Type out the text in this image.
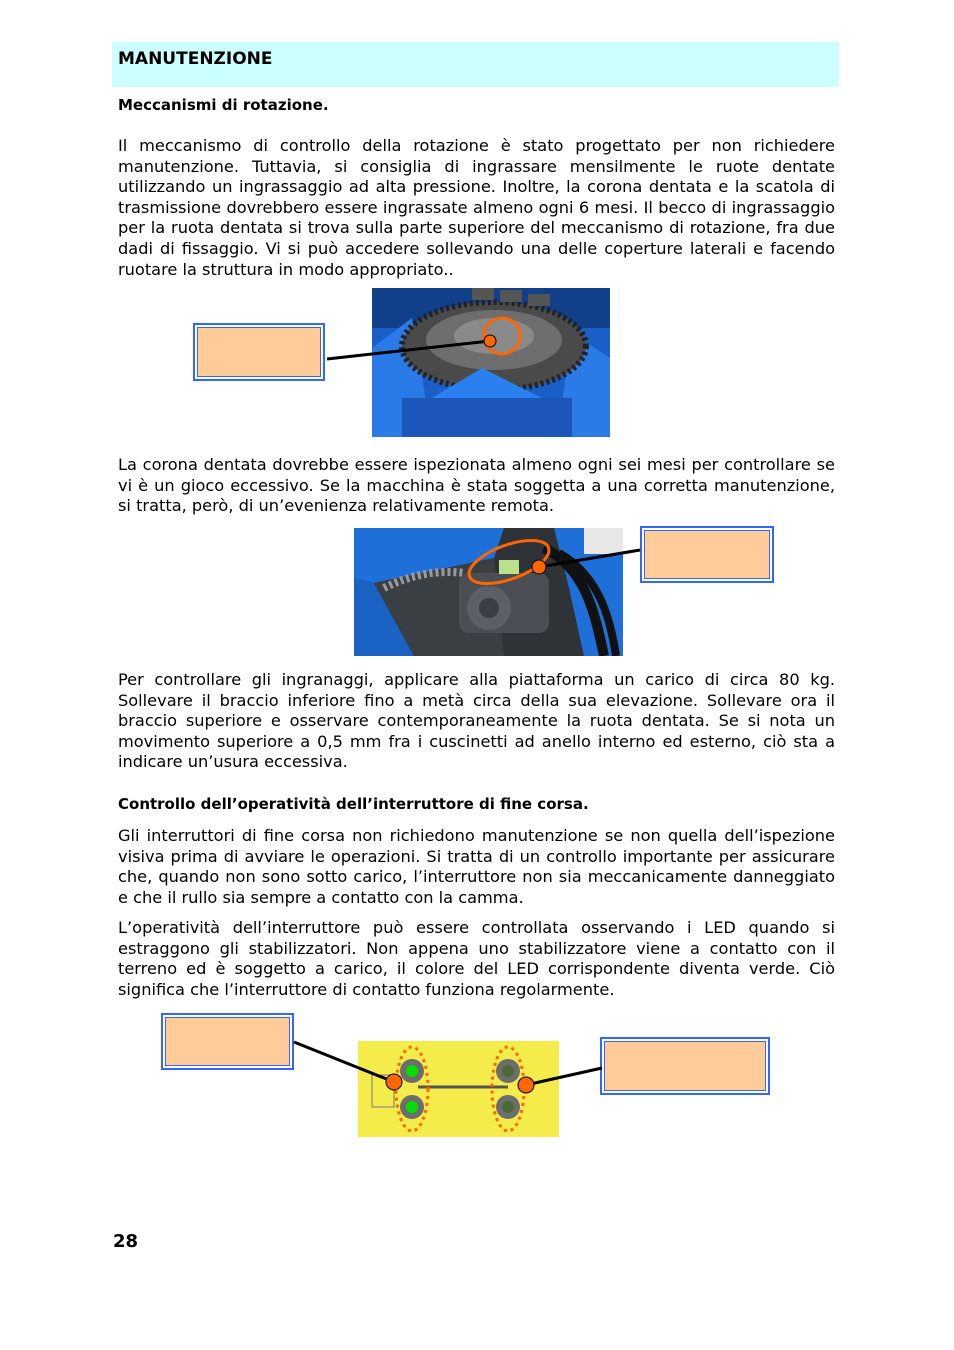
MANUTENZIONE
Meccanismi di rotazione.

Il meccanismo di controllo della rotazione è stato progettato per non richiedere manutenzione. Tuttavia, si consiglia di ingrassare mensilmente le ruote dentate utilizzando un ingrassaggio ad alta pressione. Inoltre, la corona dentata e la scatola di trasmissione dovrebbero essere ingrassate almeno ogni 6 mesi. Il becco di ingrassaggio per la ruota dentata si trova sulla parte superiore del meccanismo di rotazione, fra due dadi di fissaggio. Vi si può accedere sollevando una delle coperture laterali e facendo ruotare la struttura in modo appropriato..

La corona dentata dovrebbe essere ispezionata almeno ogni sei mesi per controllare se vi è un gioco eccessivo. Se la macchina è stata soggetta a una corretta manutenzione, si tratta, però, di un’evenienza relativamente remota.

Per controllare gli ingranaggi, applicare alla piattaforma un carico di circa 80 kg. Sollevare il braccio inferiore fino a metà circa della sua elevazione. Sollevare ora il braccio superiore e osservare contemporaneamente la ruota dentata. Se si nota un movimento superiore a 0,5 mm fra i cuscinetti ad anello interno ed esterno, ciò sta a indicare un’usura eccessiva.

Controllo dell’operatività dell’interruttore di fine corsa.

Gli interruttori di fine corsa non richiedono manutenzione se non quella dell’ispezione visiva prima di avviare le operazioni. Si tratta di un controllo importante per assicurare che, quando non sono sotto carico, l’interruttore non sia meccanicamente danneggiato e che il rullo sia sempre a contatto con la camma.

L’operatività dell’interruttore può essere controllata osservando i LED quando si estraggono gli stabilizzatori. Non appena uno stabilizzatore viene a contatto con il terreno ed è soggetto a carico, il colore del LED corrispondente diventa verde. Ciò significa che l’interruttore di contatto funziona regolarmente.

28
